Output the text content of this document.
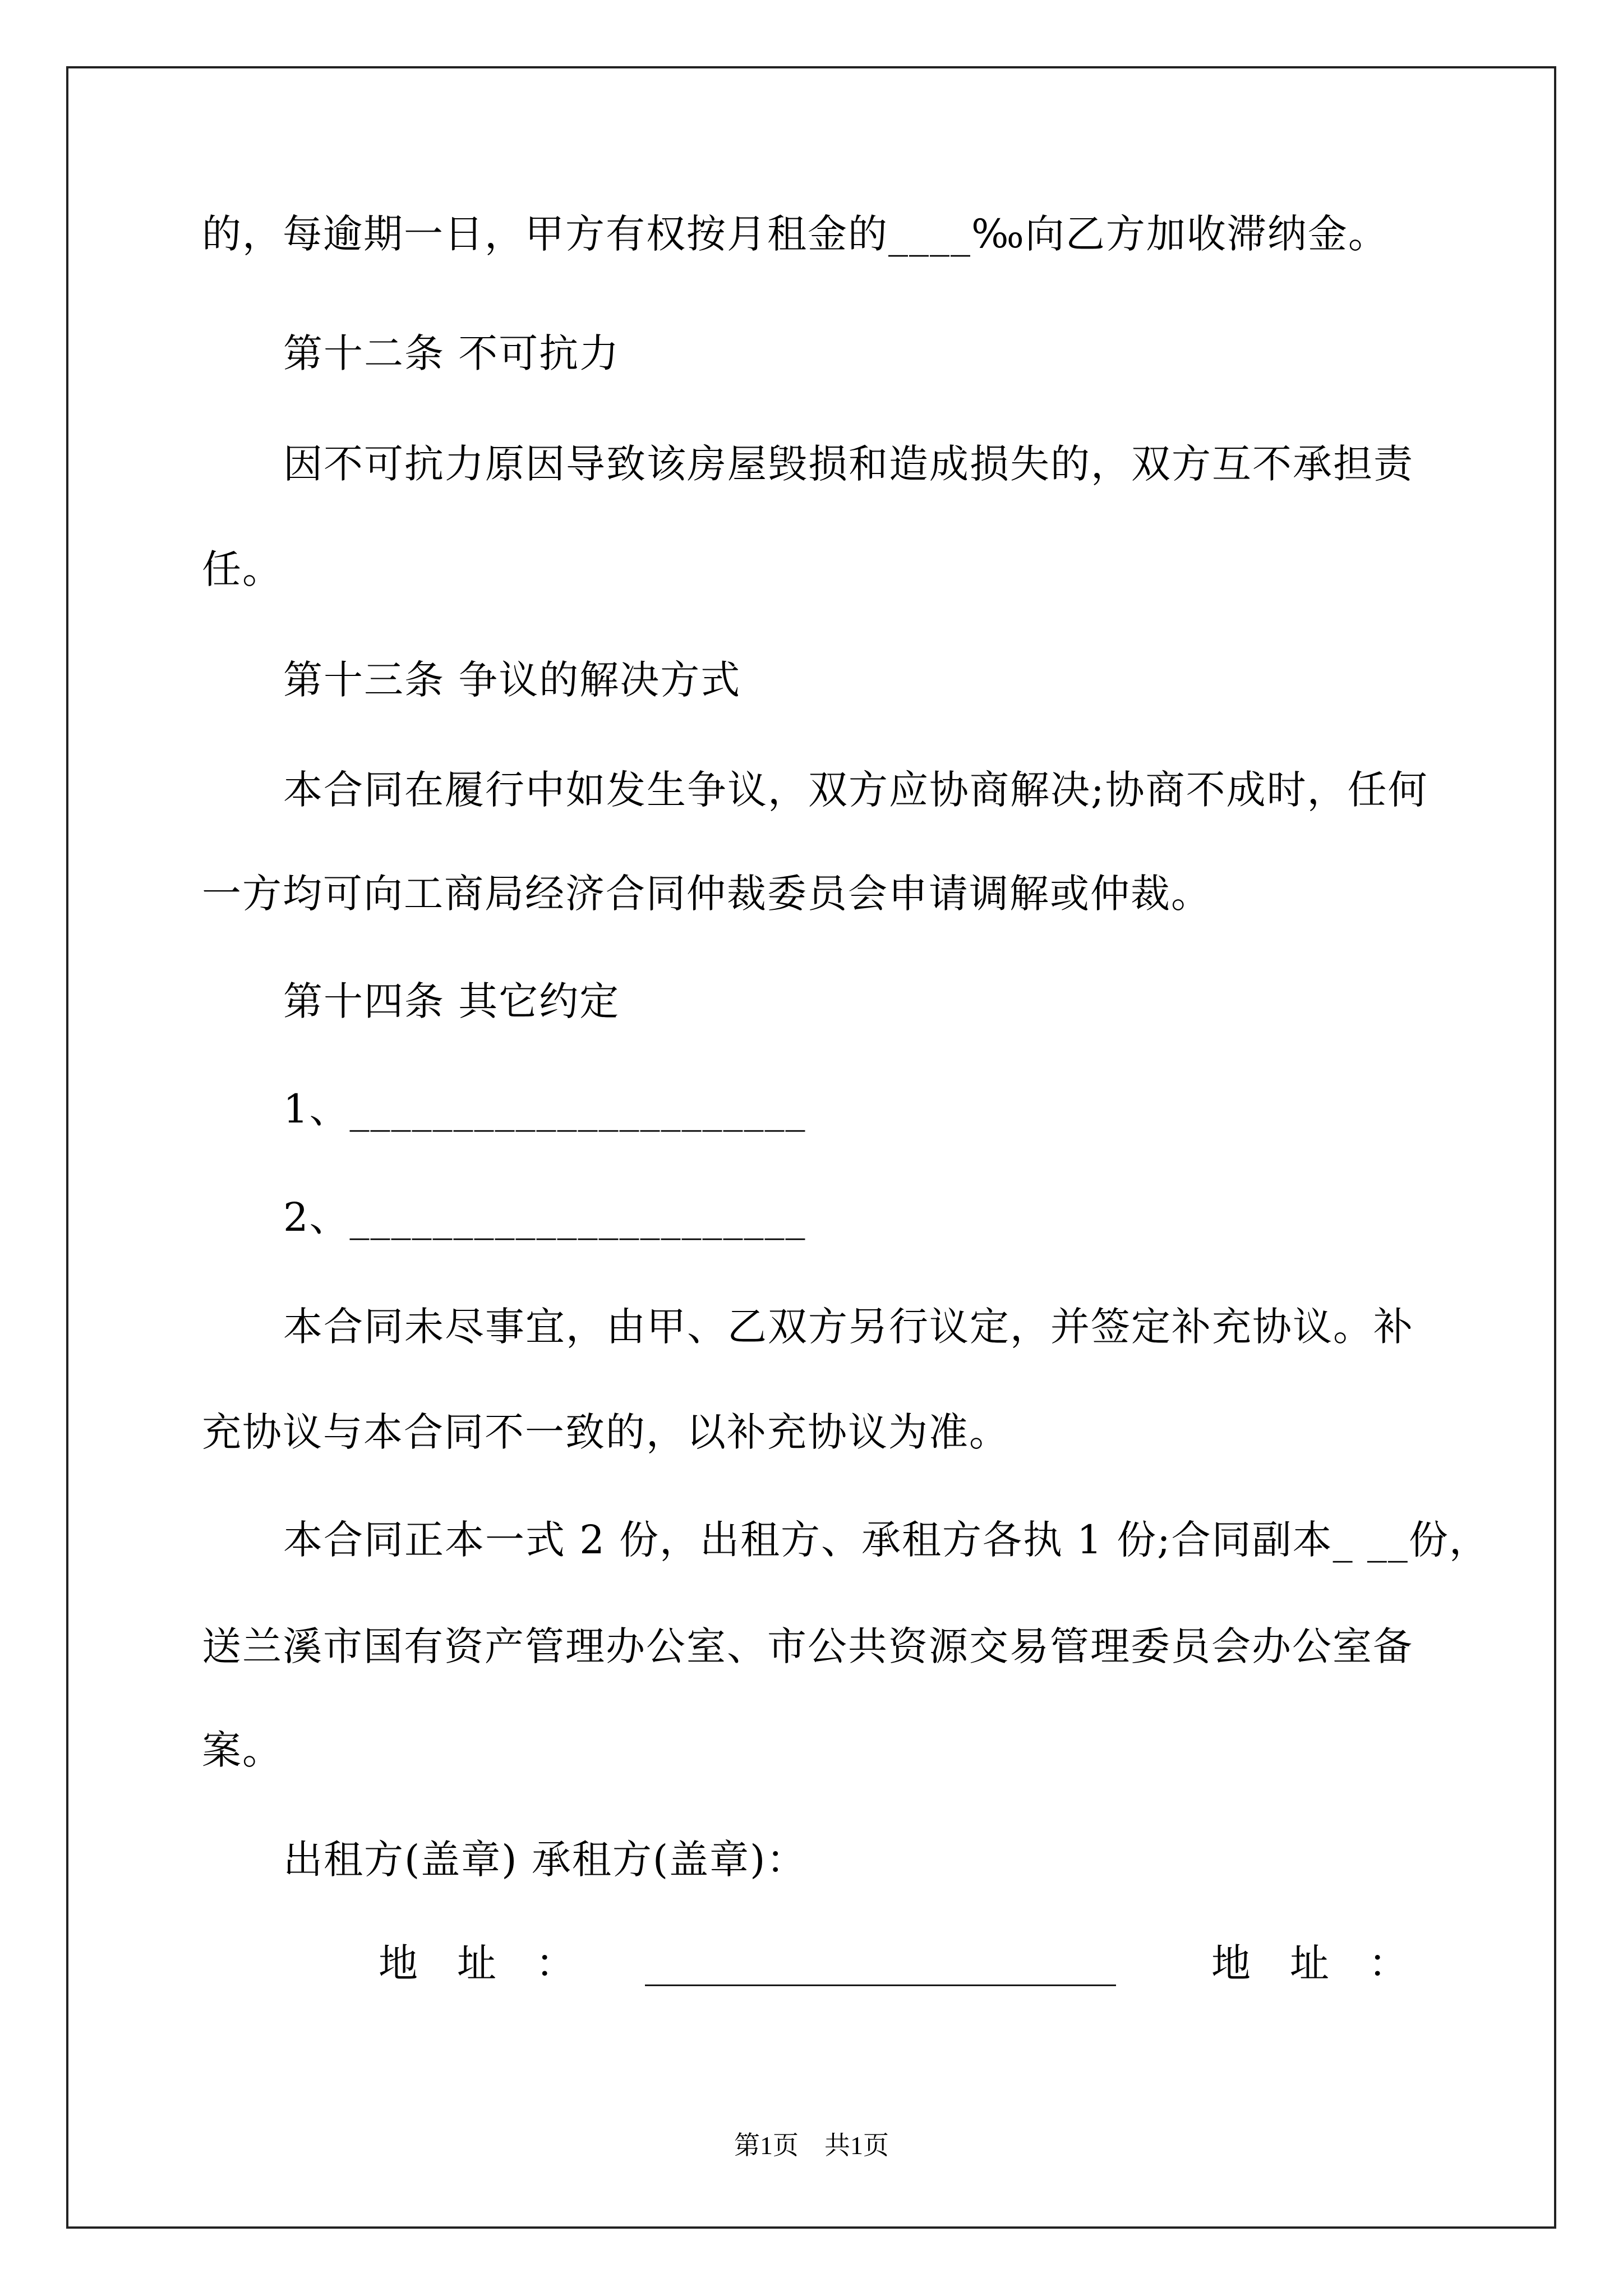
的，每逾期一日，甲方有权按月租金的____‰向乙方加收滞纳金。
第十二条 不可抗力
因不可抗力原因导致该房屋毁损和造成损失的，双方互不承担责
任。
第十三条 争议的解决方式
本合同在履行中如发生争议，双方应协商解决;协商不成时，任何
一方均可向工商局经济合同仲裁委员会申请调解或仲裁。
第十四条 其它约定
1、______________________
2、______________________
本合同未尽事宜，由甲、乙双方另行议定，并签定补充协议。补
充协议与本合同不一致的，以补充协议为准。
本合同正本一式 2 份，出租方、承租方各执 1 份;合同副本_ __份，
送兰溪市国有资产管理办公室、市公共资源交易管理委员会办公室备
案。
出租方(盖章) 承租方(盖章)：
地　址　： ________________________ 地　址　：
第1页　共1页
